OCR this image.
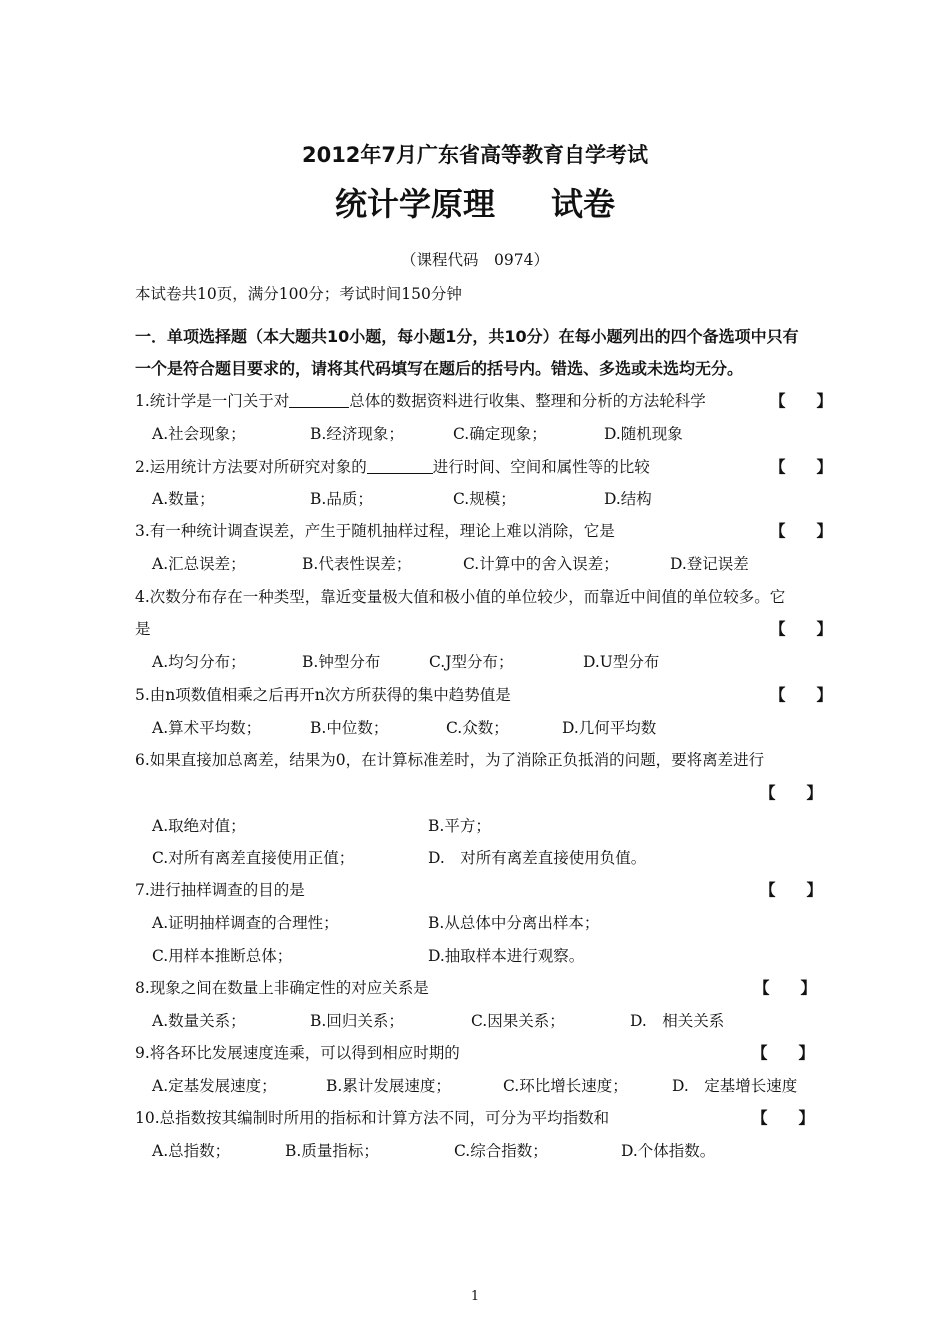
2012年7月广东省高等教育自学考试
统计学原理 试卷
（课程代码　0974）
本试卷共10页，满分100分；考试时间150分钟
一．单项选择题（本大题共10小题，每小题1分，共10分）在每小题列出的四个备选项中只有
一个是符合题目要求的，请将其代码填写在题后的括号内。错选、多选或未选均无分。
1.统计学是一门关于对	总体的数据资料进行收集、整理和分析的方法轮科学	【　　】
A.社会现象；	B.经济现象；	C.确定现象；	D.随机现象
2.运用统计方法要对所研究对象的	进行时间、空间和属性等的比较	【　　】
A.数量；	B.品质；	C.规模；	D.结构
3.有一种统计调查误差，产生于随机抽样过程，理论上难以消除，它是	【　　】
A.汇总误差；	B.代表性误差；	C.计算中的舍入误差；	D.登记误差
4.次数分布存在一种类型，靠近变量极大值和极小值的单位较少，而靠近中间值的单位较多。它
是	【　　】
A.均匀分布；	B.钟型分布	C.J型分布；	D.U型分布
5.由n项数值相乘之后再开n次方所获得的集中趋势值是	【　　】
A.算术平均数；	B.中位数；	C.众数；	D.几何平均数
6.如果直接加总离差，结果为0，在计算标准差时，为了消除正负抵消的问题，要将离差进行
【　　】
A.取绝对值；	B.平方；
C.对所有离差直接使用正值；	D.　对所有离差直接使用负值。
7.进行抽样调查的目的是	【　　】
A.证明抽样调查的合理性；	B.从总体中分离出样本；
C.用样本推断总体；	D.抽取样本进行观察。
8.现象之间在数量上非确定性的对应关系是	【　　】
A.数量关系；	B.回归关系；	C.因果关系；	D.　相关关系
9.将各环比发展速度连乘，可以得到相应时期的	【　　】
A.定基发展速度；	B.累计发展速度；	C.环比增长速度；	D.　定基增长速度
10.总指数按其编制时所用的指标和计算方法不同，可分为平均指数和	【　　】
A.总指数；	B.质量指标；	C.综合指数；	D.个体指数。
1
